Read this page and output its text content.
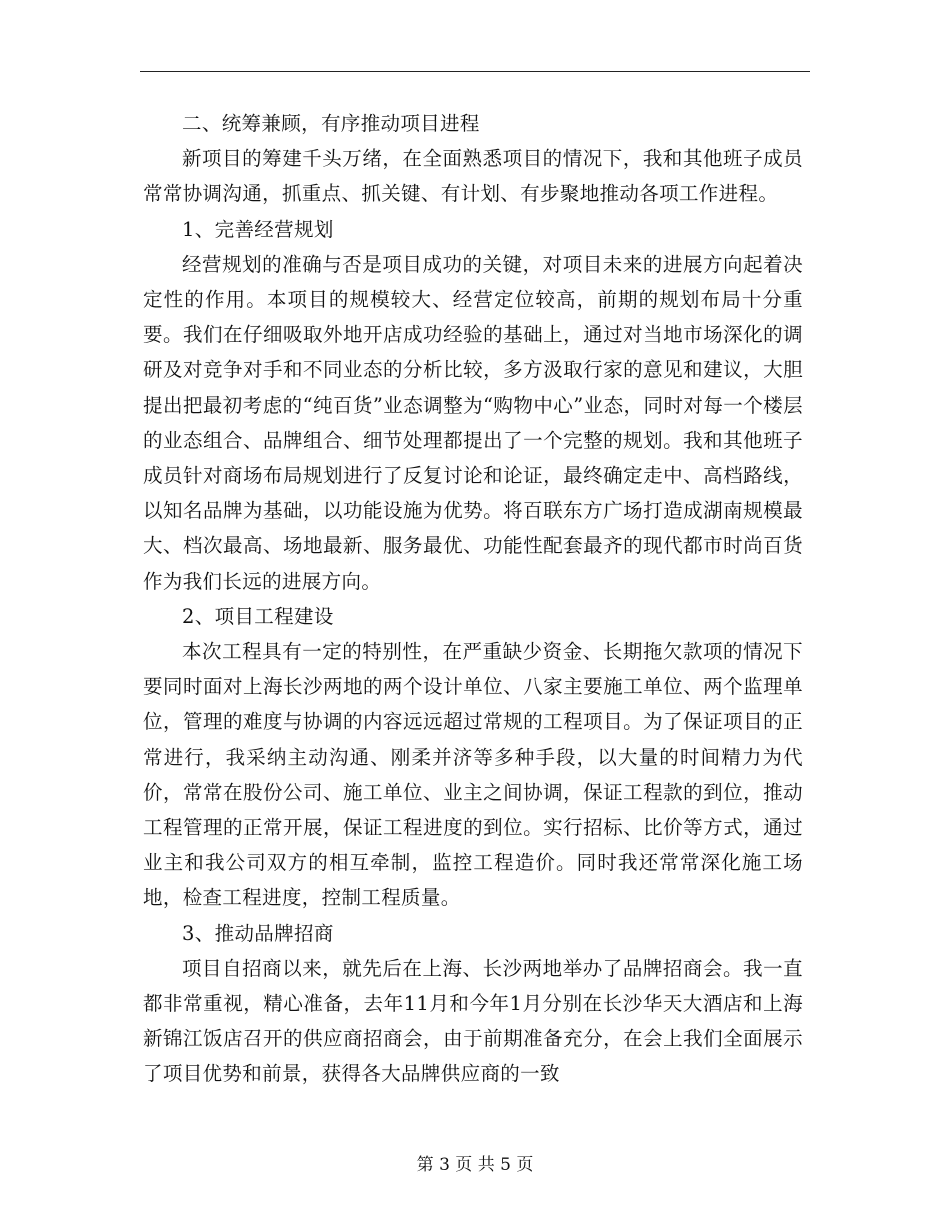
二、统筹兼顾，有序推动项目进程

新项目的筹建千头万绪，在全面熟悉项目的情况下，我和其他班子成员常常协调沟通，抓重点、抓关键、有计划、有步聚地推动各项工作进程。

1、完善经营规划

经营规划的准确与否是项目成功的关键，对项目未来的进展方向起着决定性的作用。本项目的规模较大、经营定位较高，前期的规划布局十分重要。我们在仔细吸取外地开店成功经验的基础上，通过对当地市场深化的调研及对竞争对手和不同业态的分析比较，多方汲取行家的意见和建议，大胆提出把最初考虑的“纯百货”业态调整为“购物中心”业态，同时对每一个楼层的业态组合、品牌组合、细节处理都提出了一个完整的规划。我和其他班子成员针对商场布局规划进行了反复讨论和论证，最终确定走中、高档路线，以知名品牌为基础，以功能设施为优势。将百联东方广场打造成湖南规模最大、档次最高、场地最新、服务最优、功能性配套最齐的现代都市时尚百货作为我们长远的进展方向。

2、项目工程建设

本次工程具有一定的特别性，在严重缺少资金、长期拖欠款项的情况下要同时面对上海长沙两地的两个设计单位、八家主要施工单位、两个监理单位，管理的难度与协调的内容远远超过常规的工程项目。为了保证项目的正常进行，我采纳主动沟通、刚柔并济等多种手段，以大量的时间精力为代价，常常在股份公司、施工单位、业主之间协调，保证工程款的到位，推动工程管理的正常开展，保证工程进度的到位。实行招标、比价等方式，通过业主和我公司双方的相互牵制，监控工程造价。同时我还常常深化施工场地，检查工程进度，控制工程质量。

3、推动品牌招商

项目自招商以来，就先后在上海、长沙两地举办了品牌招商会。我一直都非常重视，精心准备，去年11月和今年1月分别在长沙华天大酒店和上海新锦江饭店召开的供应商招商会，由于前期准备充分，在会上我们全面展示了项目优势和前景，获得各大品牌供应商的一致

第 3 页 共 5 页
